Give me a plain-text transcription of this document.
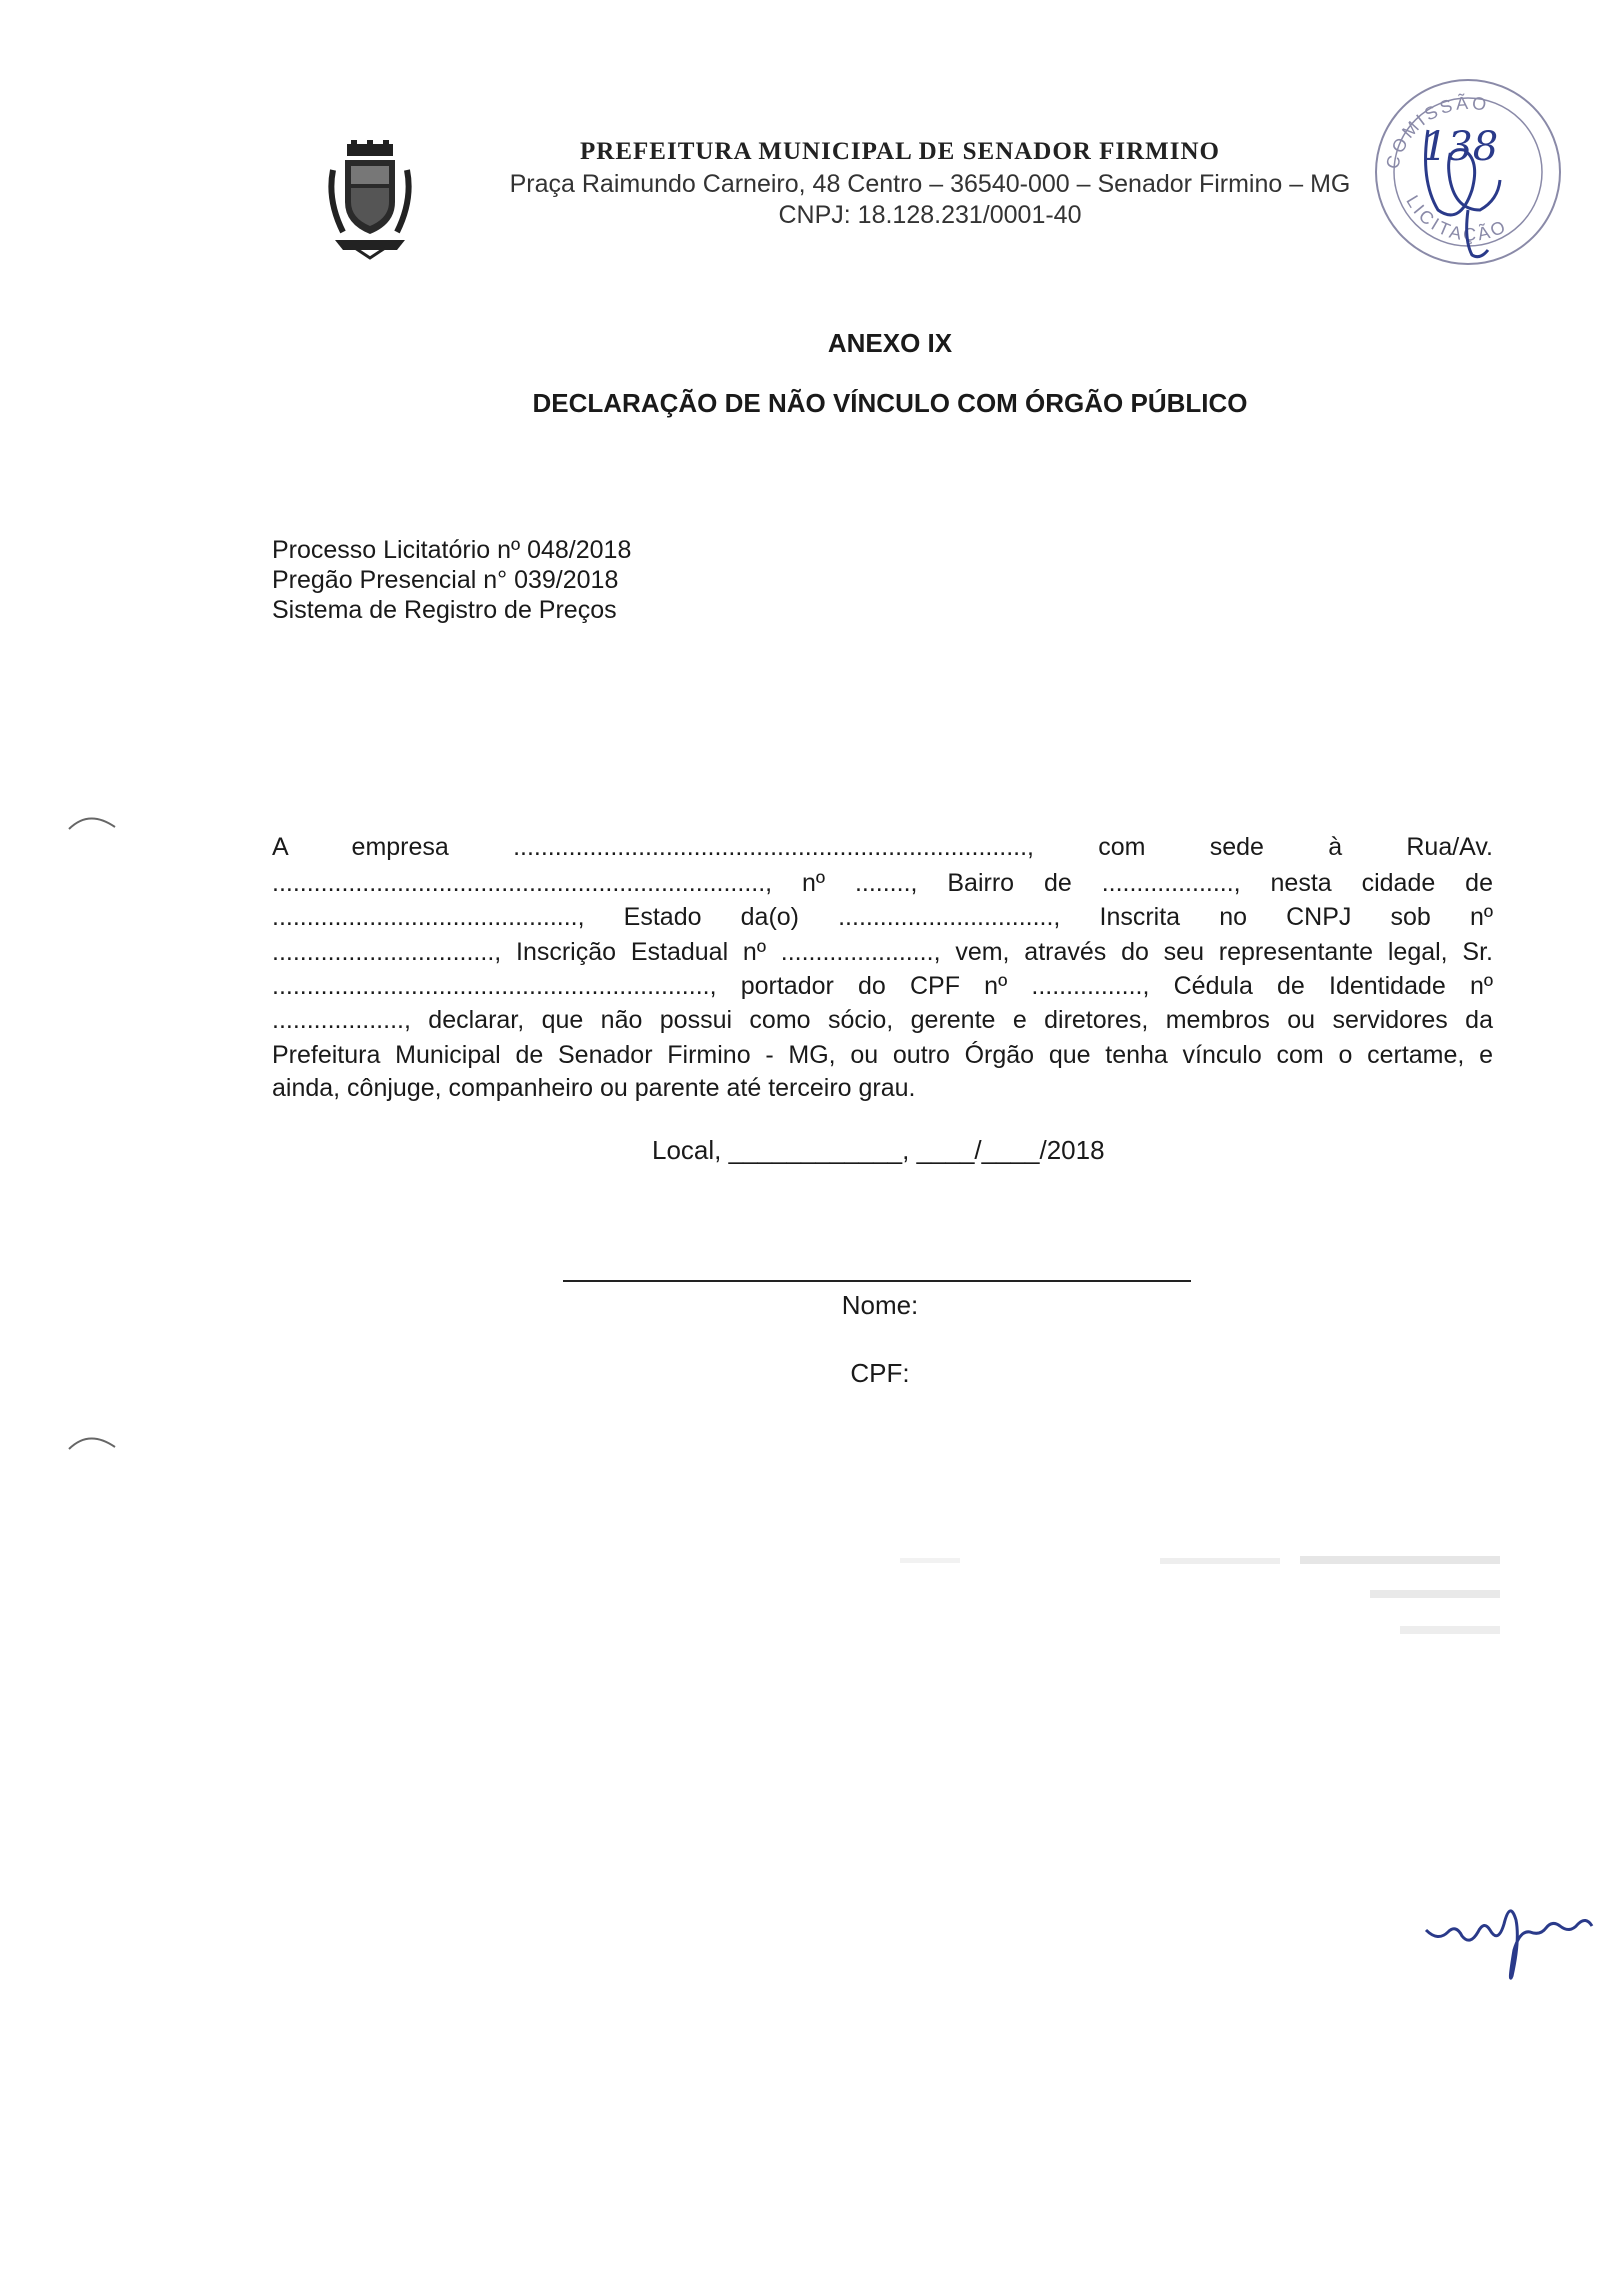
PREFEITURA MUNICIPAL DE SENADOR FIRMINO
Praça Raimundo Carneiro, 48 Centro – 36540-000 – Senador Firmino – MG
CNPJ: 18.128.231/0001-40
COMISSÃO
LICITAÇÃO
138
ANEXO IX
DECLARAÇÃO DE NÃO VÍNCULO COM ÓRGÃO PÚBLICO
Processo Licitatório nº 048/2018
Pregão Presencial n° 039/2018
Sistema de Registro de Preços
A empresa .........................................................................., com sede à Rua/Av.
......................................................................., nº ........, Bairro de ..................., nesta cidade de
............................................, Estado da(o) ..............................., Inscrita no CNPJ sob nº
................................, Inscrição Estadual nº ......................, vem, através do seu representante legal, Sr.
..............................................................., portador do CPF nº ................, Cédula de Identidade nº
..................., declarar, que não possui como sócio, gerente e diretores, membros ou servidores da
Prefeitura Municipal de Senador Firmino - MG, ou outro Órgão que tenha vínculo com o certame, e
ainda, cônjuge, companheiro ou parente até terceiro grau.
Local, ____________, ____/____/2018
Nome:
CPF:
